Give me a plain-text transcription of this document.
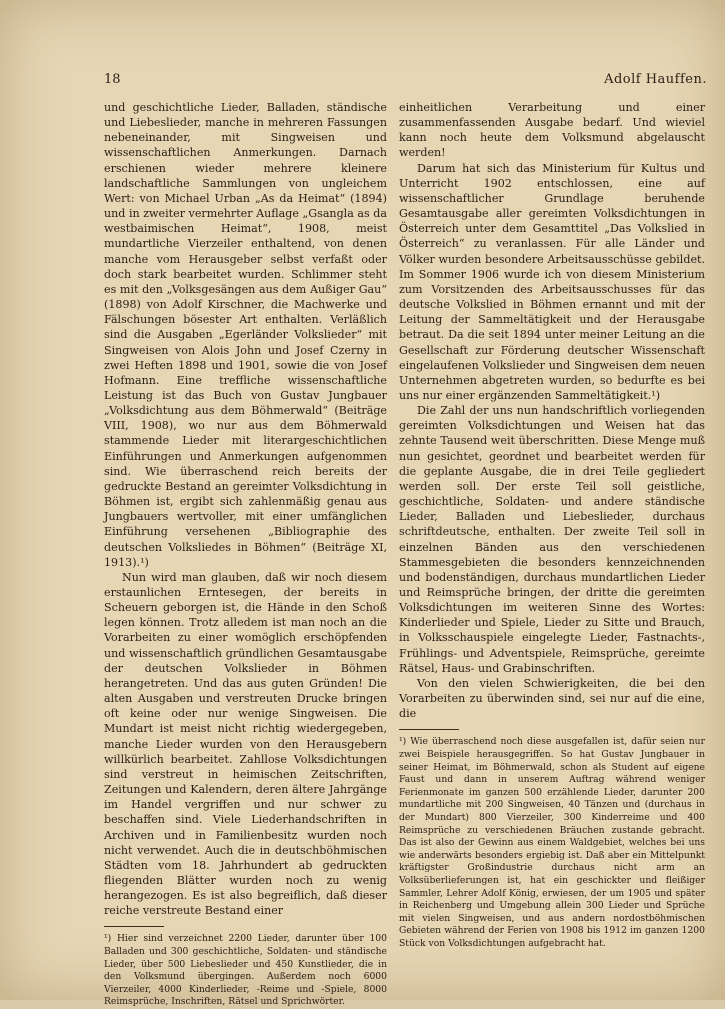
18	Adolf Hauffen.

und geschichtliche Lieder, Balladen, ständische und Liebeslieder, manche in mehreren Fassungen nebeneinander, mit Singweisen und wissenschaftlichen Anmerkungen. Darnach erschienen wieder mehrere kleinere landschaftliche Sammlungen von ungleichem Wert: von Michael Urban „As da Heimat“ (1894) und in zweiter vermehrter Auflage „Gsangla as da westbaimischen Heimat“, 1908, meist mundartliche Vierzeiler enthaltend, von denen manche vom Herausgeber selbst verfaßt oder doch stark bearbeitet wurden. Schlimmer steht es mit den „Volksgesängen aus dem Außiger Gau“ (1898) von Adolf Kirschner, die Machwerke und Fälschungen bösester Art enthalten. Verläßlich sind die Ausgaben „Egerländer Volkslieder“ mit Singweisen von Alois John und Josef Czerny in zwei Heften 1898 und 1901, sowie die von Josef Hofmann. Eine treffliche wissenschaftliche Leistung ist das Buch von Gustav Jungbauer „Volksdichtung aus dem Böhmerwald“ (Beiträge VIII, 1908), wo nur aus dem Böhmerwald stammende Lieder mit literargeschichtlichen Einführungen und Anmerkungen aufgenommen sind. Wie überraschend reich bereits der gedruckte Bestand an gereimter Volksdichtung in Böhmen ist, ergibt sich zahlenmäßig genau aus Jungbauers wertvoller, mit einer umfänglichen Einführung versehenen „Bibliographie des deutschen Volksliedes in Böhmen“ (Beiträge XI, 1913).¹)

Nun wird man glauben, daß wir noch diesem erstaunlichen Erntesegen, der bereits in Scheuern geborgen ist, die Hände in den Schoß legen können. Trotz alledem ist man noch an die Vorarbeiten zu einer womöglich erschöpfenden und wissenschaftlich gründlichen Gesamtausgabe der deutschen Volkslieder in Böhmen herangetreten. Und das aus guten Gründen! Die alten Ausgaben und verstreuten Drucke bringen oft keine oder nur wenige Singweisen. Die Mundart ist meist nicht richtig wiedergegeben, manche Lieder wurden von den Herausgebern willkürlich bearbeitet. Zahllose Volksdichtungen sind verstreut in heimischen Zeitschriften, Zeitungen und Kalendern, deren ältere Jahrgänge im Handel vergriffen und nur schwer zu beschaffen sind. Viele Liederhandschriften in Archiven und in Familienbesitz wurden noch nicht verwendet. Auch die in deutschböhmischen Städten vom 18. Jahrhundert ab gedruckten fliegenden Blätter wurden noch zu wenig herangezogen. Es ist also begreiflich, daß dieser reiche verstreute Bestand einer

¹) Hier sind verzeichnet 2200 Lieder, darunter über 100 Balladen und 300 geschichtliche, Soldaten- und ständische Lieder, über 500 Liebeslieder und 450 Kunstlieder, die in den Volksmund übergingen. Außerdem noch 6000 Vierzeiler, 4000 Kinderlieder, -Reime und -Spiele, 8000 Reimsprüche, Inschriften, Rätsel und Sprichwörter.

einheitlichen Verarbeitung und einer zusammenfassenden Ausgabe bedarf. Und wieviel kann noch heute dem Volksmund abgelauscht werden!

Darum hat sich das Ministerium für Kultus und Unterricht 1902 entschlossen, eine auf wissenschaftlicher Grundlage beruhende Gesamtausgabe aller gereimten Volksdichtungen in Österreich unter dem Gesamttitel „Das Volkslied in Österreich“ zu veranlassen. Für alle Länder und Völker wurden besondere Arbeitsausschüsse gebildet. Im Sommer 1906 wurde ich von diesem Ministerium zum Vorsitzenden des Arbeitsausschusses für das deutsche Volkslied in Böhmen ernannt und mit der Leitung der Sammeltätigkeit und der Herausgabe betraut. Da die seit 1894 unter meiner Leitung an die Gesellschaft zur Förderung deutscher Wissenschaft eingelaufenen Volkslieder und Singweisen dem neuen Unternehmen abgetreten wurden, so bedurfte es bei uns nur einer ergänzenden Sammeltätigkeit.¹)

Die Zahl der uns nun handschriftlich vorliegenden gereimten Volksdichtungen und Weisen hat das zehnte Tausend weit überschritten. Diese Menge muß nun gesichtet, geordnet und bearbeitet werden für die geplante Ausgabe, die in drei Teile gegliedert werden soll. Der erste Teil soll geistliche, geschichtliche, Soldaten- und andere ständische Lieder, Balladen und Liebeslieder, durchaus schriftdeutsche, enthalten. Der zweite Teil soll in einzelnen Bänden aus den verschiedenen Stammesgebieten die besonders kennzeichnenden und bodenständigen, durchaus mundartlichen Lieder und Reimsprüche bringen, der dritte die gereimten Volksdichtungen im weiteren Sinne des Wortes: Kinderlieder und Spiele, Lieder zu Sitte und Brauch, in Volksschauspiele eingelegte Lieder, Fastnachts-, Frühlings- und Adventspiele, Reimsprüche, gereimte Rätsel, Haus- und Grabinschriften.

Von den vielen Schwierigkeiten, die bei den Vorarbeiten zu überwinden sind, sei nur auf die eine, die

¹) Wie überraschend noch diese ausgefallen ist, dafür seien nur zwei Beispiele herausgegriffen. So hat Gustav Jungbauer in seiner Heimat, im Böhmerwald, schon als Student auf eigene Faust und dann in unserem Auftrag während weniger Ferienmonate im ganzen 500 erzählende Lieder, darunter 200 mundartliche mit 200 Singweisen, 40 Tänzen und (durchaus in der Mundart) 800 Vierzeiler, 300 Kinderreime und 400 Reimsprüche zu verschiedenen Bräuchen zustande gebracht. Das ist also der Gewinn aus einem Waldgebiet, welches bei uns wie anderwärts besonders ergiebig ist. Daß aber ein Mittelpunkt kräftigster Großindustrie durchaus nicht arm an Volksüberlieferungen ist, hat ein geschickter und fleißiger Sammler, Lehrer Adolf König, erwiesen, der um 1905 und später in Reichenberg und Umgebung allein 300 Lieder und Sprüche mit vielen Singweisen, und aus andern nordostböhmischen Gebieten während der Ferien von 1908 bis 1912 im ganzen 1200 Stück von Volksdichtungen aufgebracht hat.
